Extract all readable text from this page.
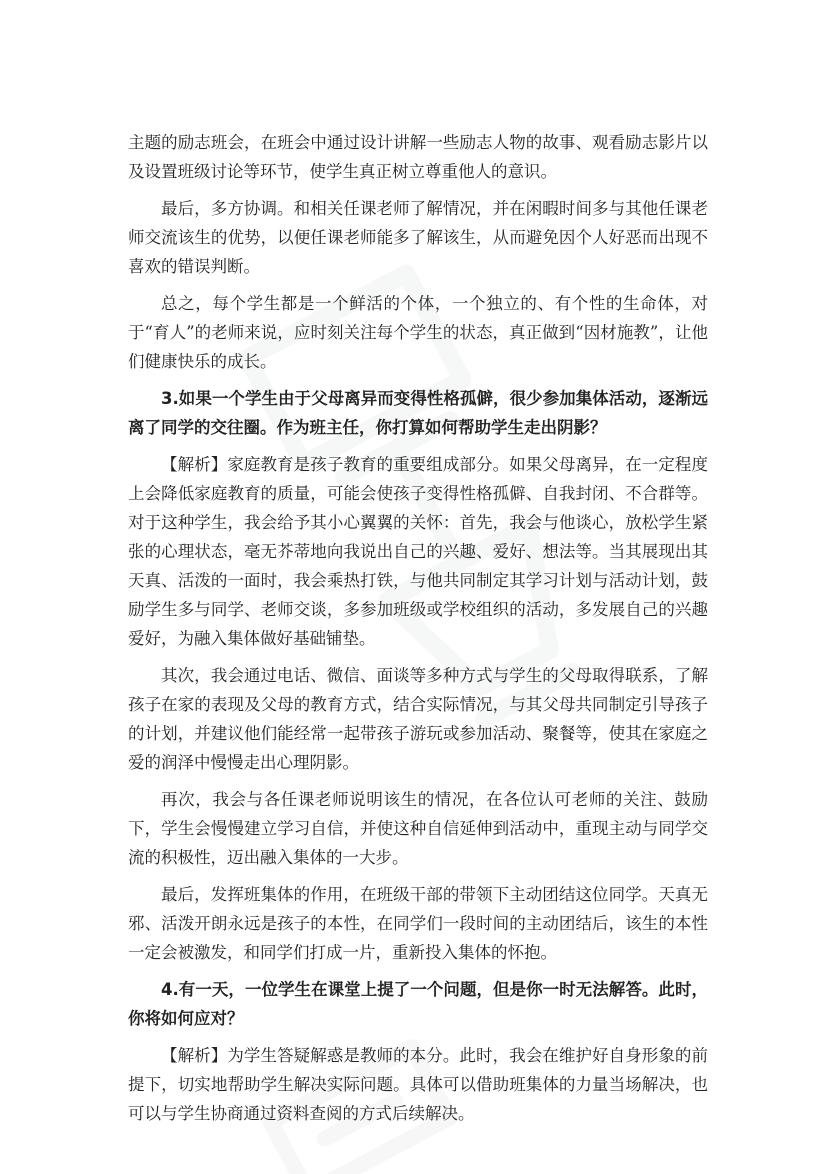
主题的励志班会，在班会中通过设计讲解一些励志人物的故事、观看励志影片以及设置班级讨论等环节，使学生真正树立尊重他人的意识。

最后，多方协调。和相关任课老师了解情况，并在闲暇时间多与其他任课老师交流该生的优势，以便任课老师能多了解该生，从而避免因个人好恶而出现不喜欢的错误判断。

总之，每个学生都是一个鲜活的个体，一个独立的、有个性的生命体，对于“育人”的老师来说，应时刻关注每个学生的状态，真正做到“因材施教”，让他们健康快乐的成长。

3.如果一个学生由于父母离异而变得性格孤僻，很少参加集体活动，逐渐远离了同学的交往圈。作为班主任，你打算如何帮助学生走出阴影？

【解析】家庭教育是孩子教育的重要组成部分。如果父母离异，在一定程度上会降低家庭教育的质量，可能会使孩子变得性格孤僻、自我封闭、不合群等。对于这种学生，我会给予其小心翼翼的关怀：首先，我会与他谈心，放松学生紧张的心理状态，毫无芥蒂地向我说出自己的兴趣、爱好、想法等。当其展现出其天真、活泼的一面时，我会乘热打铁，与他共同制定其学习计划与活动计划，鼓励学生多与同学、老师交谈，多参加班级或学校组织的活动，多发展自己的兴趣爱好，为融入集体做好基础铺垫。

其次，我会通过电话、微信、面谈等多种方式与学生的父母取得联系，了解孩子在家的表现及父母的教育方式，结合实际情况，与其父母共同制定引导孩子的计划，并建议他们能经常一起带孩子游玩或参加活动、聚餐等，使其在家庭之爱的润泽中慢慢走出心理阴影。

再次，我会与各任课老师说明该生的情况，在各位认可老师的关注、鼓励下，学生会慢慢建立学习自信，并使这种自信延伸到活动中，重现主动与同学交流的积极性，迈出融入集体的一大步。

最后，发挥班集体的作用，在班级干部的带领下主动团结这位同学。天真无邪、活泼开朗永远是孩子的本性，在同学们一段时间的主动团结后，该生的本性一定会被激发，和同学们打成一片，重新投入集体的怀抱。

4.有一天，一位学生在课堂上提了一个问题，但是你一时无法解答。此时，你将如何应对？

【解析】为学生答疑解惑是教师的本分。此时，我会在维护好自身形象的前提下，切实地帮助学生解决实际问题。具体可以借助班集体的力量当场解决，也可以与学生协商通过资料查阅的方式后续解决。
